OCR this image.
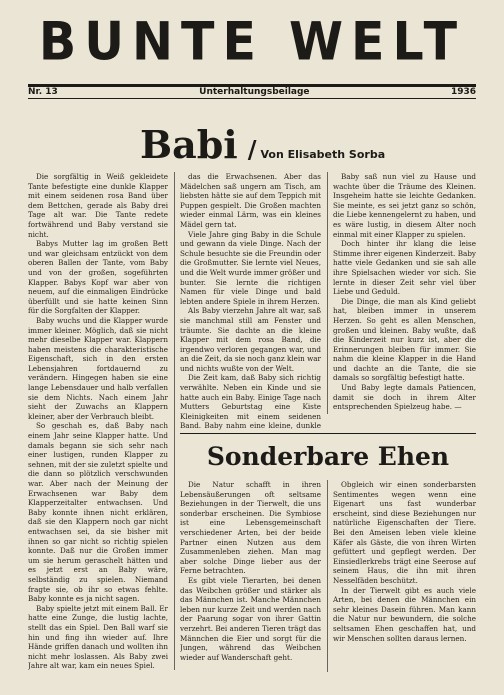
BUNTE WELT
Nr. 13	Unterhaltungsbeilage	1936
Babi / Von Elisabeth Sorba

Die sorgfältig in Weiß gekleidete Tante befestigte eine dunkle Klapper mit einem seidenen rosa Band über dem Bettchen, gerade als Baby drei Tage alt war. Die Tante redete fortwährend und Baby verstand sie nicht.

Babys Mutter lag im großen Bett und war gleichsam entzückt von dem oberen Ballen der Tante, vom Baby und von der großen, sogeführten Klapper. Babys Kopf war aber von neuem, auf die einmaligen Eindrücke überfüllt und sie hatte keinen Sinn für die Sorgfalten der Klapper.

Baby wuchs und die Klapper wurde immer kleiner. Möglich, daß sie nicht mehr dieselbe Klapper war. Klappern haben meistens die charakteristische Eigenschaft, sich in den ersten Lebensjahren fortdauernd zu verändern. Hingegen haben sie eine lange Lebensdauer und halb verfallen sie dem Nichts. Nach einem Jahr sieht der Zuwachs an Klappern kleiner, aber der Verbrauch bleibt.

So geschah es, daß Baby nach einem Jahr seine Klapper hatte. Und damals begann sie sich sehr nach einer lustigen, runden Klapper zu sehnen, mit der sie zuletzt spielte und die dann so plötzlich verschwunden war. Aber nach der Meinung der Erwachsenen war Baby dem Klapperzeitalter entwachsen. Und Baby konnte ihnen nicht erklären, daß sie den Klappern noch gar nicht entwachsen sei, da sie bisher mit ihnen so gar nicht so richtig spielen konnte. Daß nur die Großen immer um sie herum geraschelt hätten und es jetzt erst an Baby wäre, selbständig zu spielen. Niemand fragte sie, ob ihr so etwas fehlte. Baby konnte es ja nicht sagen.

Baby spielte jetzt mit einem Ball. Er hatte eine Zunge, die lustig lachte, stellt das ein Spiel. Den Ball warf sie hin und fing ihn wieder auf. Ihre Hände griffen danach und wollten ihn nicht mehr loslassen. Als Baby zwei Jahre alt war, kam ein neues Spiel.

das die Erwachsenen. Aber das Mädelchen saß ungern am Tisch, am liebsten hätte sie auf dem Teppich mit Puppen gespielt. Die Großen machten wieder einmal Lärm, was ein kleines Mädel gern tat.

Viele Jahre ging Baby in die Schule und gewann da viele Dinge. Nach der Schule besuchte sie die Freundin oder die Großmutter. Sie lernte viel Neues, und die Welt wurde immer größer und bunter. Sie lernte die richtigen Namen für viele Dinge und bald lebten andere Spiele in ihrem Herzen.

Als Baby vierzehn Jahre alt war, saß sie manchmal still am Fenster und träumte. Sie dachte an die kleine Klapper mit dem rosa Band, die irgendwo verloren gegangen war, und an die Zeit, da sie noch ganz klein war und nichts wußte von der Welt.

Die Zeit kam, daß Baby sich richtig verwählte. Neben ein Kinde und sie hatte auch ein Baby. Einige Tage nach Mutters Geburtstag eine Kiste Kleinigkeiten mit einem seidenen Band. Baby nahm eine kleine, dunkle

Baby saß nun viel zu Hause und wachte über die Träume des Kleinen. Insgeheim hatte sie leichte Gedanken. Sie meinte, es sei jetzt ganz so schön, die Liebe kennengelernt zu haben, und es wäre lustig, in diesem Alter noch einmal mit einer Klapper zu spielen.

Doch hinter ihr klang die leise Stimme ihrer eigenen Kinderzeit. Baby hatte viele Gedanken und sie sah alle ihre Spielsachen wieder vor sich. Sie lernte in dieser Zeit sehr viel über Liebe und Geduld.

Die Dinge, die man als Kind geliebt hat, bleiben immer in unserem Herzen. So geht es allen Menschen, großen und kleinen. Baby wußte, daß die Kinderzeit nur kurz ist, aber die Erinnerungen bleiben für immer. Sie nahm die kleine Klapper in die Hand und dachte an die Tante, die sie damals so sorgfältig befestigt hatte.

Und Baby legte damals Patiencen, damit sie doch in ihrem Alter entsprechenden Spielzeug habe. —

Sonderbare Ehen

Die Natur schafft in ihren Lebensäußerungen oft seltsame Beziehungen in der Tierwelt, die uns sonderbar erscheinen. Die Symbiose ist eine Lebensgemeinschaft verschiedener Arten, bei der beide Partner einen Nutzen aus dem Zusammenleben ziehen. Man mag aber solche Dinge lieber aus der Ferne betrachten.

Es gibt viele Tierarten, bei denen das Weibchen größer und stärker als das Männchen ist. Manche Männchen leben nur kurze Zeit und werden nach der Paarung sogar von ihrer Gattin verzehrt. Bei anderen Tieren trägt das Männchen die Eier und sorgt für die Jungen, während das Weibchen wieder auf Wanderschaft geht.

Obgleich wir einen sonderbarsten Sentimentes wegen wenn eine Eigenart uns fast wunderbar erscheint, sind diese Beziehungen nur natürliche Eigenschaften der Tiere. Bei den Ameisen leben viele kleine Käfer als Gäste, die von ihren Wirten gefüttert und gepflegt werden. Der Einsiedlerkrebs trägt eine Seerose auf seinem Haus, die ihn mit ihren Nesselfäden beschützt.

In der Tierwelt gibt es auch viele Arten, bei denen die Männchen ein sehr kleines Dasein führen. Man kann die Natur nur bewundern, die solche seltsamen Ehen geschaffen hat, und wir Menschen sollten daraus lernen.
